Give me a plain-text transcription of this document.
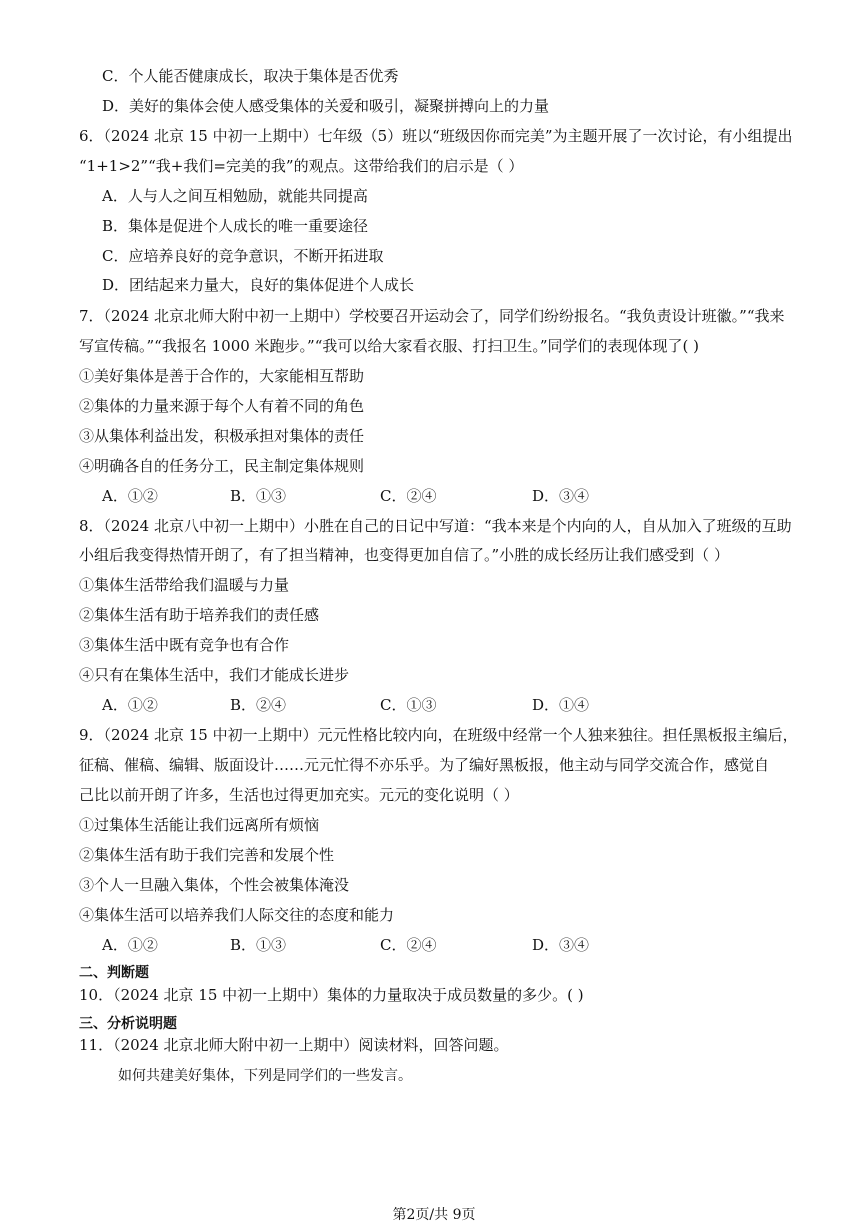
C．个人能否健康成长，取决于集体是否优秀
D．美好的集体会使人感受集体的关爱和吸引，凝聚拼搏向上的力量
6．（2024 北京 15 中初一上期中）七年级（5）班以“班级因你而完美”为主题开展了一次讨论，有小组提出
“1+1>2”“我+我们=完美的我”的观点。这带给我们的启示是（ ）
A．人与人之间互相勉励，就能共同提高
B．集体是促进个人成长的唯一重要途径
C．应培养良好的竞争意识，不断开拓进取
D．团结起来力量大，良好的集体促进个人成长
7．（2024 北京北师大附中初一上期中）学校要召开运动会了，同学们纷纷报名。“我负责设计班徽。”“我来
写宣传稿。”“我报名 1000 米跑步。”“我可以给大家看衣服、打扫卫生。”同学们的表现体现了( )
①美好集体是善于合作的，大家能相互帮助
②集体的力量来源于每个人有着不同的角色
③从集体利益出发，积极承担对集体的责任
④明确各自的任务分工，民主制定集体规则
A．①②	B．①③	C．②④	D．③④
8．（2024 北京八中初一上期中）小胜在自己的日记中写道：“我本来是个内向的人，自从加入了班级的互助
小组后我变得热情开朗了，有了担当精神，也变得更加自信了。”小胜的成长经历让我们感受到（ ）
①集体生活带给我们温暖与力量
②集体生活有助于培养我们的责任感
③集体生活中既有竞争也有合作
④只有在集体生活中，我们才能成长进步
A．①②	B．②④	C．①③	D．①④
9．（2024 北京 15 中初一上期中）元元性格比较内向，在班级中经常一个人独来独往。担任黑板报主编后，
征稿、催稿、编辑、版面设计……元元忙得不亦乐乎。为了编好黑板报，他主动与同学交流合作，感觉自
己比以前开朗了许多，生活也过得更加充实。元元的变化说明（ ）
①过集体生活能让我们远离所有烦恼
②集体生活有助于我们完善和发展个性
③个人一旦融入集体，个性会被集体淹没
④集体生活可以培养我们人际交往的态度和能力
A．①②	B．①③	C．②④	D．③④
二、判断题
10．（2024 北京 15 中初一上期中）集体的力量取决于成员数量的多少。( )
三、分析说明题
11．（2024 北京北师大附中初一上期中）阅读材料，回答问题。
如何共建美好集体，下列是同学们的一些发言。
第2页/共 9页
